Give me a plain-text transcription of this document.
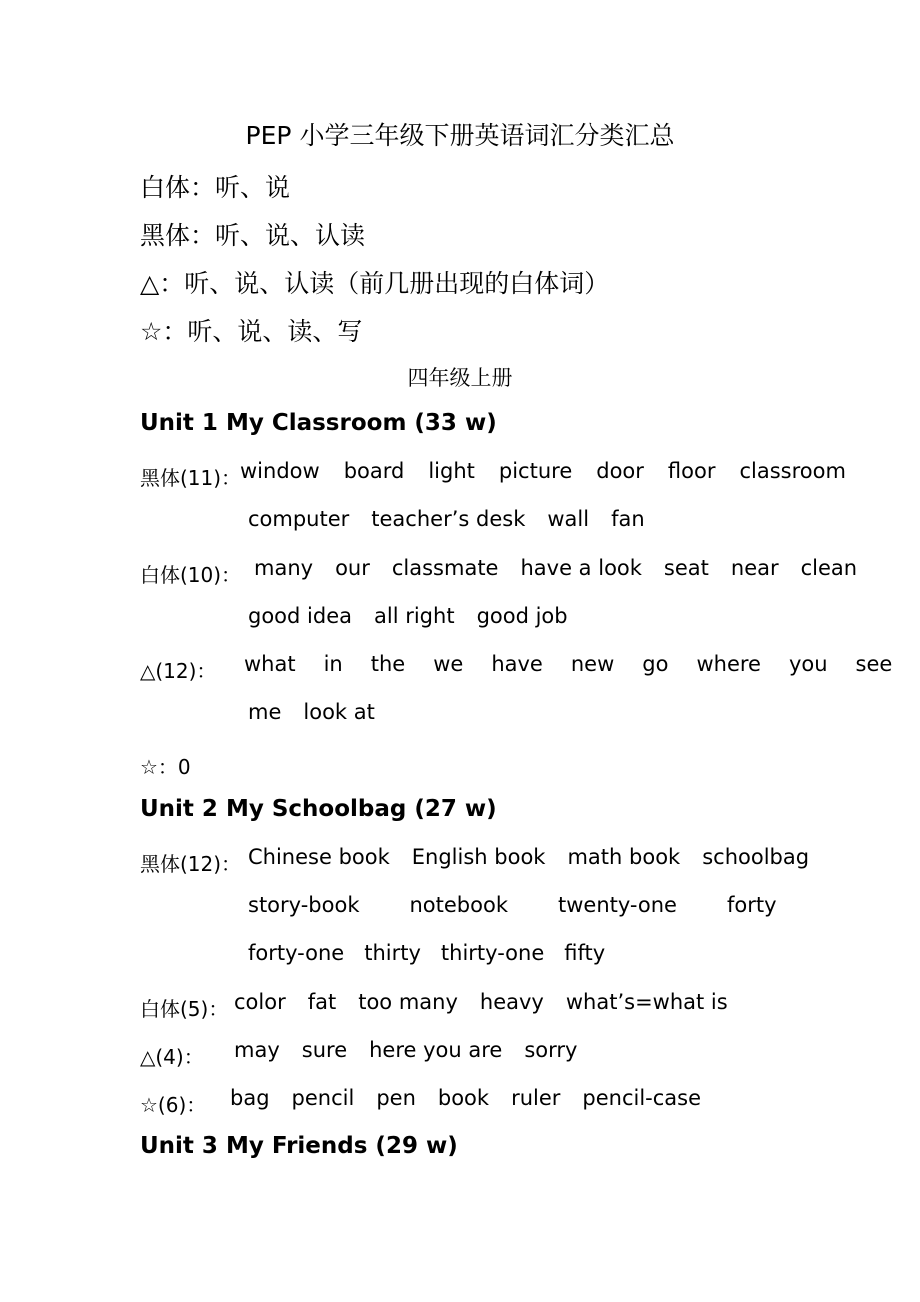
PEP 小学三年级下册英语词汇分类汇总
白体：听、说
黑体：听、说、认读
△：听、说、认读（前几册出现的白体词）
☆：听、说、读、写
四年级上册
Unit 1 My Classroom (33 w)
黑体(11)：
window board light picture door floor classroom
computer teacher’s desk wall fan
白体(10)： many our classmate have a look seat near clean
good idea all right good job
△(12)： what in the we have new go where you see
me look at
☆：0
Unit 2 My Schoolbag (27 w)
黑体(12)： Chinese book English book math book schoolbag
story-book notebook twenty-one forty
forty-one thirty thirty-one fifty
白体(5)： color fat too many heavy what’s=what is
△(4)： may sure here you are sorry
☆(6)： bag pencil pen book ruler pencil-case
Unit 3 My Friends (29 w)
